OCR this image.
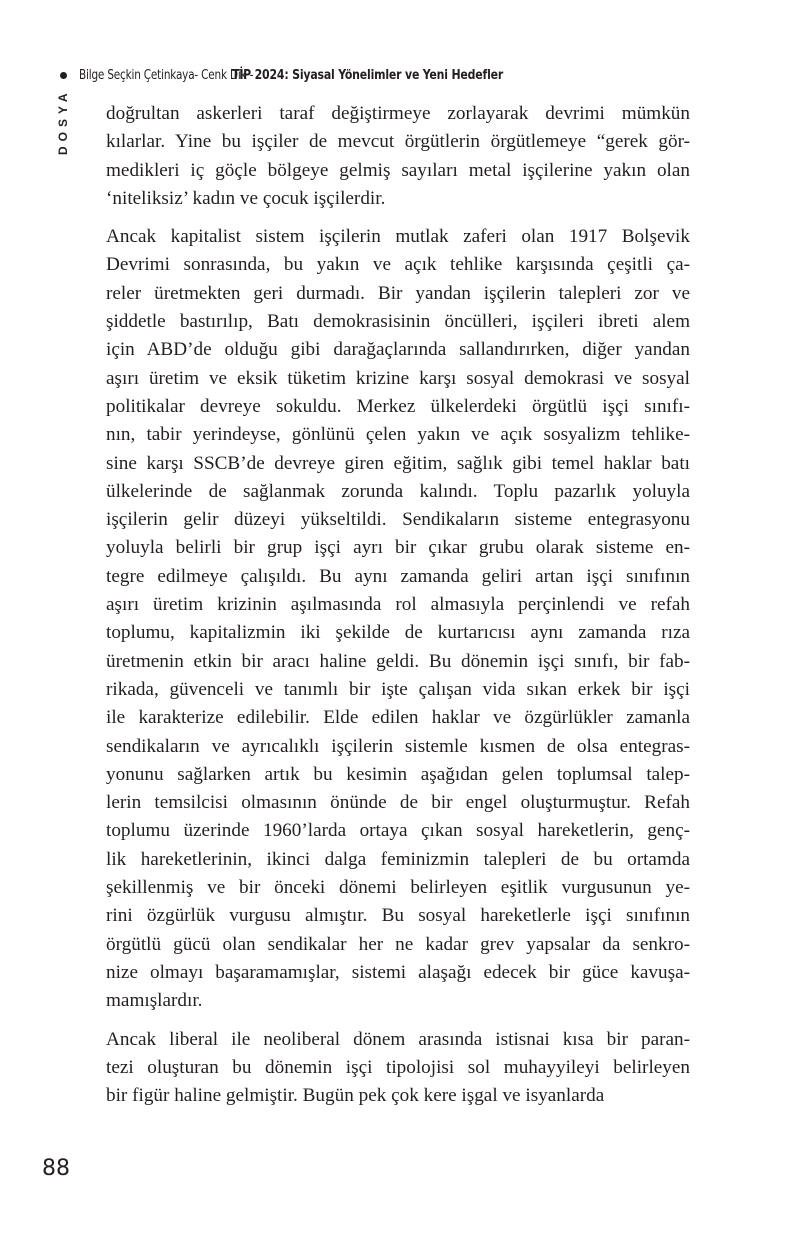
Bilge Seçkin Çetinkaya- Cenk Dik -
TİP 2024: Siyasal Yönelimler ve Yeni Hedefler
DOSYA doğrultan askerleri taraf değiştirmeye zorlayarak devrimi mümkün
kılarlar. Yine bu işçiler de mevcut örgütlerin örgütlemeye “gerek gör-
medikleri iç göçle bölgeye gelmiş sayıları metal işçilerine yakın olan
‘niteliksiz’ kadın ve çocuk işçilerdir.

Ancak kapitalist sistem işçilerin mutlak zaferi olan 1917 Bolşevik
Devrimi sonrasında, bu yakın ve açık tehlike karşısında çeşitli ça-
reler üretmekten geri durmadı. Bir yandan işçilerin talepleri zor ve
şiddetle bastırılıp, Batı demokrasisinin öncülleri, işçileri ibreti alem
için ABD’de olduğu gibi darağaçlarında sallandırırken, diğer yandan
aşırı üretim ve eksik tüketim krizine karşı sosyal demokrasi ve sosyal
politikalar devreye sokuldu. Merkez ülkelerdeki örgütlü işçi sınıfı-
nın, tabir yerindeyse, gönlünü çelen yakın ve açık sosyalizm tehlike-
sine karşı SSCB’de devreye giren eğitim, sağlık gibi temel haklar batı
ülkelerinde de sağlanmak zorunda kalındı. Toplu pazarlık yoluyla
işçilerin gelir düzeyi yükseltildi. Sendikaların sisteme entegrasyonu
yoluyla belirli bir grup işçi ayrı bir çıkar grubu olarak sisteme en-
tegre edilmeye çalışıldı. Bu aynı zamanda geliri artan işçi sınıfının
aşırı üretim krizinin aşılmasında rol almasıyla perçinlendi ve refah
toplumu, kapitalizmin iki şekilde de kurtarıcısı aynı zamanda rıza
üretmenin etkin bir aracı haline geldi. Bu dönemin işçi sınıfı, bir fab-
rikada, güvenceli ve tanımlı bir işte çalışan vida sıkan erkek bir işçi
ile karakterize edilebilir. Elde edilen haklar ve özgürlükler zamanla
sendikaların ve ayrıcalıklı işçilerin sistemle kısmen de olsa entegras-
yonunu sağlarken artık bu kesimin aşağıdan gelen toplumsal talep-
lerin temsilcisi olmasının önünde de bir engel oluşturmuştur. Refah
toplumu üzerinde 1960’larda ortaya çıkan sosyal hareketlerin, genç-
lik hareketlerinin, ikinci dalga feminizmin talepleri de bu ortamda
şekillenmiş ve bir önceki dönemi belirleyen eşitlik vurgusunun ye-
rini özgürlük vurgusu almıştır. Bu sosyal hareketlerle işçi sınıfının
örgütlü gücü olan sendikalar her ne kadar grev yapsalar da senkro-
nize olmayı başaramamışlar, sistemi alaşağı edecek bir güce kavuşa-
mamışlardır.

Ancak liberal ile neoliberal dönem arasında istisnai kısa bir paran-
tezi oluşturan bu dönemin işçi tipolojisi sol muhayyileyi belirleyen
bir figür haline gelmiştir. Bugün pek çok kere işgal ve isyanlarda

88
